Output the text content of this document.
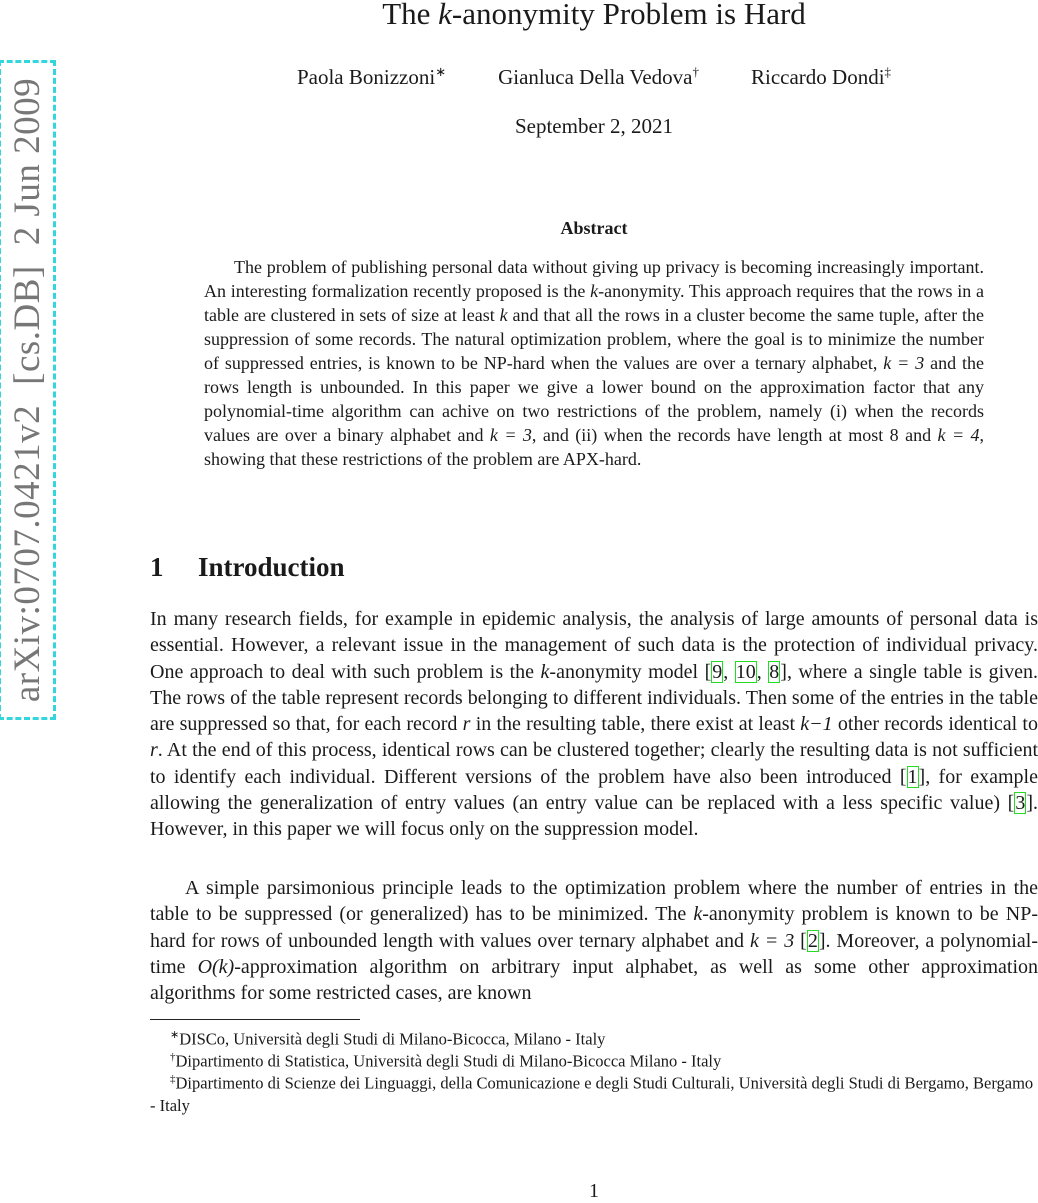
arXiv:0707.0421v2
[cs.DB]
2 Jun 2009
The k-anonymity Problem is Hard
Paola Bonizzoni∗ Gianluca Della Vedova† Riccardo Dondi‡
September 2, 2021
Abstract

The problem of publishing personal data without giving up privacy is becoming increasingly important. An interesting formalization recently proposed is the k-anonymity. This approach requires that the rows in a table are clustered in sets of size at least k and that all the rows in a cluster become the same tuple, after the suppression of some records. The natural optimization problem, where the goal is to minimize the number of suppressed entries, is known to be NP-hard when the values are over a ternary alphabet, k = 3 and the rows length is unbounded. In this paper we give a lower bound on the approximation factor that any polynomial-time algorithm can achive on two restrictions of the problem, namely (i) when the records values are over a binary alphabet and k = 3, and (ii) when the records have length at most 8 and k = 4, showing that these restrictions of the problem are APX-hard.

1 Introduction

In many research fields, for example in epidemic analysis, the analysis of large amounts of personal data is essential. However, a relevant issue in the management of such data is the protection of individual privacy. One approach to deal with such problem is the k-anonymity model [9, 10, 8], where a single table is given. The rows of the table represent records belonging to different individuals. Then some of the entries in the table are suppressed so that, for each record r in the resulting table, there exist at least k−1 other records identical to r. At the end of this process, identical rows can be clustered together; clearly the resulting data is not sufficient to identify each individual. Different versions of the problem have also been introduced [1], for example allowing the generalization of entry values (an entry value can be replaced with a less specific value) [3]. However, in this paper we will focus only on the suppression model.

A simple parsimonious principle leads to the optimization problem where the number of entries in the table to be suppressed (or generalized) has to be minimized. The k-anonymity problem is known to be NP-hard for rows of unbounded length with values over ternary alphabet and k = 3 [2]. Moreover, a polynomial-time O(k)-approximation algorithm on arbitrary input alphabet, as well as some other approximation algorithms for some restricted cases, are known

∗DISCo, Università degli Studi di Milano-Bicocca, Milano - Italy

†Dipartimento di Statistica, Università degli Studi di Milano-Bicocca Milano - Italy

‡Dipartimento di Scienze dei Linguaggi, della Comunicazione e degli Studi Culturali, Università degli Studi di Bergamo, Bergamo - Italy

1
